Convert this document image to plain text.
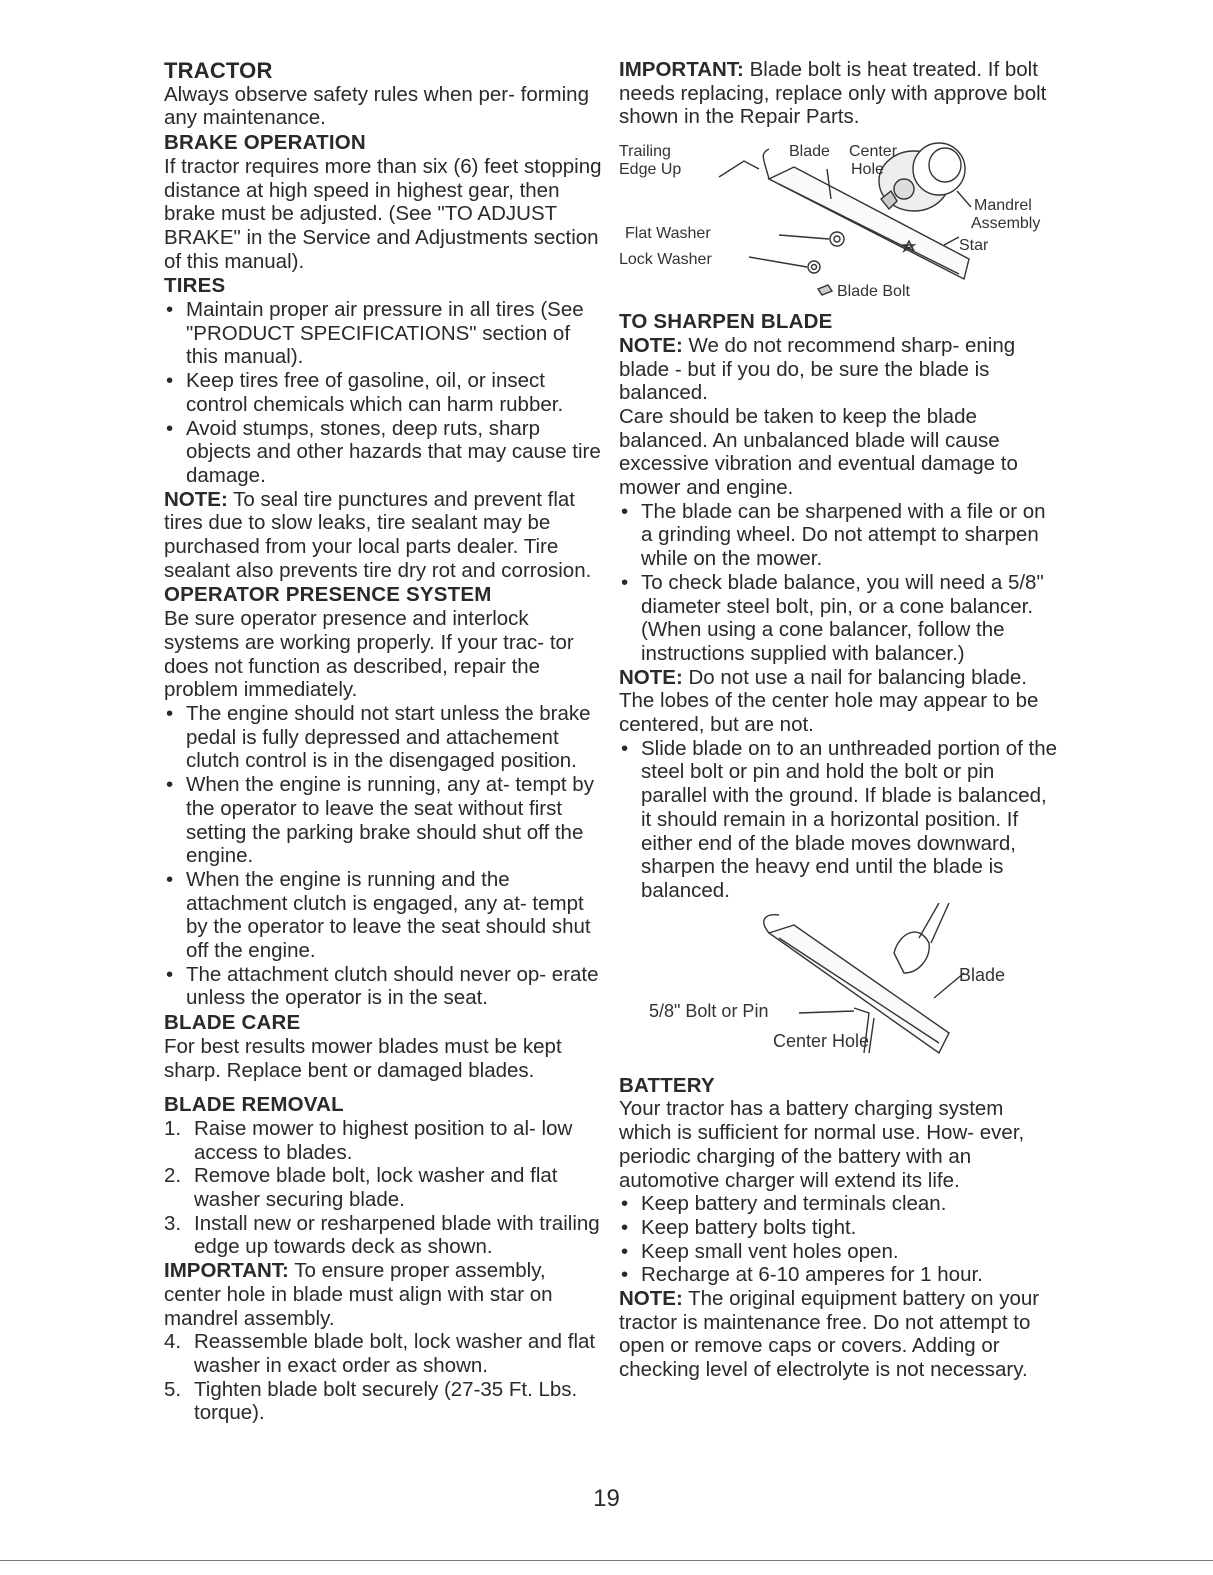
TRACTOR
Always observe safety rules when per- forming any maintenance.
BRAKE OPERATION
If tractor requires more than six (6) feet stopping distance at high speed in highest gear, then brake must be adjusted. (See "TO ADJUST BRAKE" in the Service and Adjustments section of this manual).
TIRES
• Maintain proper air pressure in all tires (See "PRODUCT SPECIFICATIONS" section of this manual).
• Keep tires free of gasoline, oil, or insect control chemicals which can harm rubber.
• Avoid stumps, stones, deep ruts, sharp objects and other hazards that may cause tire damage.
NOTE: To seal tire punctures and prevent flat tires due to slow leaks, tire sealant may be purchased from your local parts dealer. Tire sealant also prevents tire dry rot and corrosion.
OPERATOR PRESENCE SYSTEM
Be sure operator presence and interlock systems are working properly. If your trac- tor does not function as described, repair the problem immediately.
• The engine should not start unless the brake pedal is fully depressed and attachement clutch control is in the disengaged position.
• When the engine is running, any at- tempt by the operator to leave the seat without first setting the parking brake should shut off the engine.
• When the engine is running and the attachment clutch is engaged, any at- tempt by the operator to leave the seat should shut off the engine.
• The attachment clutch should never op- erate unless the operator is in the seat.
BLADE CARE
For best results mower blades must be kept sharp. Replace bent or damaged blades.
BLADE REMOVAL
1. Raise mower to highest position to al- low access to blades.
2. Remove blade bolt, lock washer and flat washer securing blade.
3. Install new or resharpened blade with trailing edge up towards deck as shown.
IMPORTANT: To ensure proper assembly, center hole in blade must align with star on mandrel assembly.
4. Reassemble blade bolt, lock washer and flat washer in exact order as shown.
5. Tighten blade bolt securely (27-35 Ft. Lbs. torque).
IMPORTANT: Blade bolt is heat treated. If bolt needs replacing, replace only with approve bolt shown in the Repair Parts.
Trailing
Edge Up
Blade Center
Hole
Mandrel
Assembly
Flat Washer
Lock Washer
Star
Blade Bolt
TO SHARPEN BLADE
NOTE: We do not recommend sharp- ening blade - but if you do, be sure the blade is balanced.
Care should be taken to keep the blade balanced. An unbalanced blade will cause excessive vibration and eventual damage to mower and engine.
• The blade can be sharpened with a file or on a grinding wheel. Do not attempt to sharpen while on the mower.
• To check blade balance, you will need a 5/8" diameter steel bolt, pin, or a cone balancer. (When using a cone balancer, follow the instructions supplied with balancer.)
NOTE: Do not use a nail for balancing blade. The lobes of the center hole may appear to be centered, but are not.
• Slide blade on to an unthreaded portion of the steel bolt or pin and hold the bolt or pin parallel with the ground. If blade is balanced, it should remain in a horizontal position. If either end of the blade moves downward, sharpen the heavy end until the blade is balanced.
5/8" Bolt or Pin
Blade
Center Hole
BATTERY
Your tractor has a battery charging system which is sufficient for normal use. How- ever, periodic charging of the battery with an automotive charger will extend its life.
• Keep battery and terminals clean.
• Keep battery bolts tight.
• Keep small vent holes open.
• Recharge at 6-10 amperes for 1 hour.
NOTE: The original equipment battery on your tractor is maintenance free. Do not attempt to open or remove caps or covers. Adding or checking level of electrolyte is not necessary.
19
